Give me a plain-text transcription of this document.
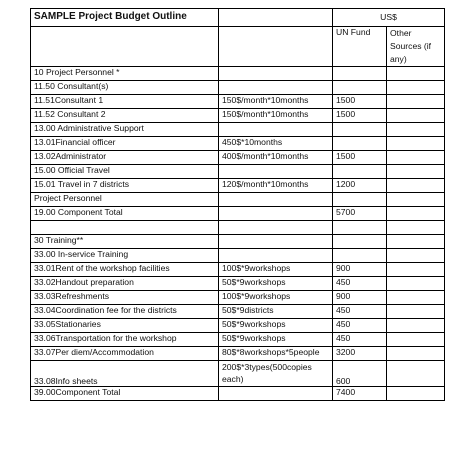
SAMPLE Project Budget Outline		US$	
		UN Fund	Other Sources (if any)
10 Project Personnel *			
11.50 Consultant(s)			
11.51Consultant 1	150$/month*10months	1500	
11.52 Consultant 2	150$/month*10months	1500	
13.00 Administrative Support			
13.01Financial officer	450$*10months		
13.02Administrator	400$/month*10months	1500	
15.00 Official Travel			
15.01 Travel in 7 districts	120$/month*10months	1200	
Project Personnel			
19.00 Component Total		5700	

30 Training**			
33.00 In-service Training			
33.01Rent of the workshop facilities	100$*9workshops	900	
33.02Handout preparation	50$*9workshops	450	
33.03Refreshments	100$*9workshops	900	
33.04Coordination fee for the districts	50$*9districts	450	
33.05Stationaries	50$*9workshops	450	
33.06Transportation for the workshop	50$*9workshops	450	
33.07Per diem/Accommodation	80$*8workshops*5people	3200	
33.08Info sheets	200$*3types(500copies each)	600	
39.00Component Total		7400	
